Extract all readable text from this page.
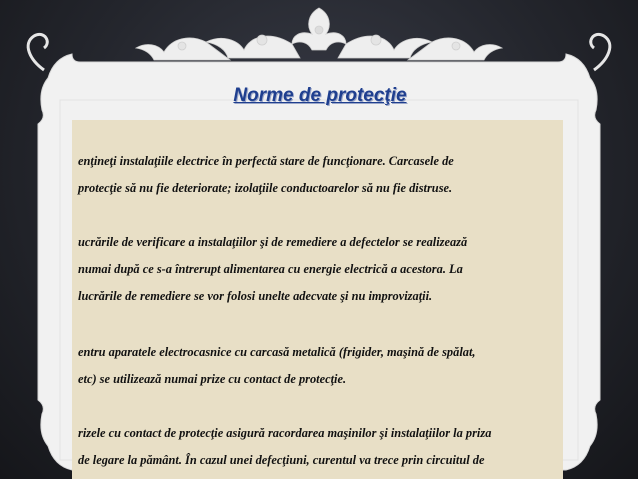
Norme de protecţie
enţineţi instalaţiile electrice în perfectă stare de funcţionare. Carcasele de
protecţie să nu fie deteriorate; izolaţiile conductoarelor să nu fie distruse.
ucrările de verificare a instalaţiilor şi de remediere a defectelor se realizează
numai după ce s-a întrerupt alimentarea cu energie electrică a acestora. La
lucrările de remediere se vor folosi unelte adecvate şi nu improvizaţii.
entru aparatele electrocasnice cu carcasă metalică (frigider, maşină de spălat,
etc) se utilizează numai prize cu contact de protecţie.
rizele cu contact de protecţie asigură racordarea maşinilor şi instalaţiilor la priza
de legare la pământ. În cazul unei defecţiuni, curentul va trece prin circuitul de
